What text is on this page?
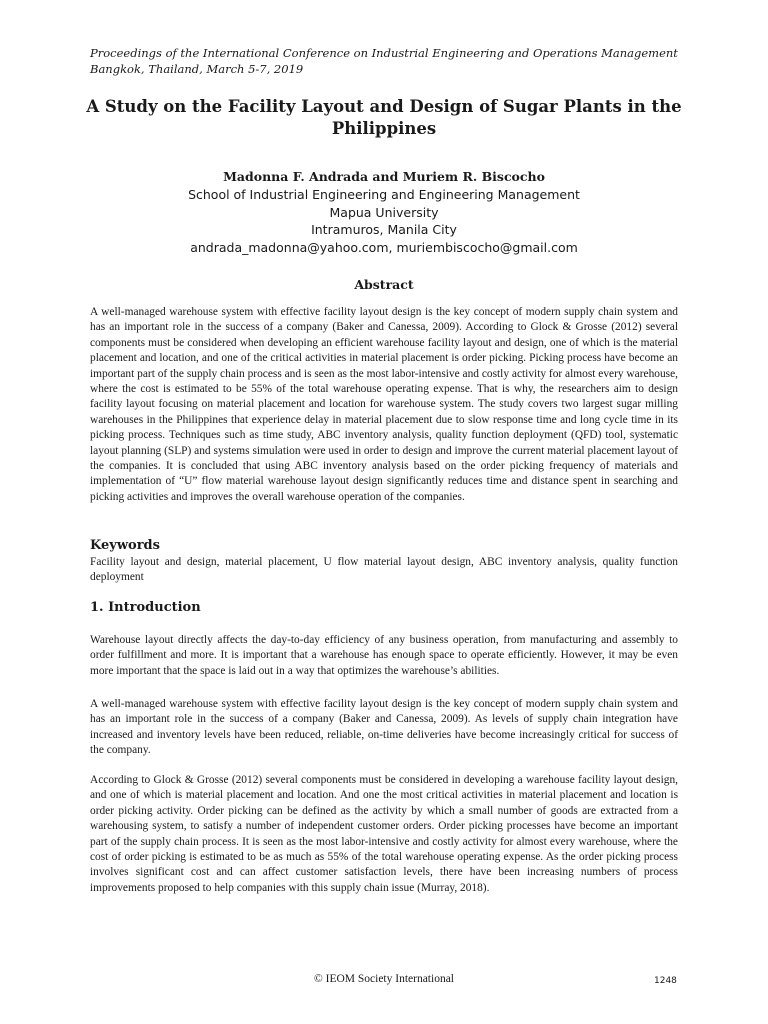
Proceedings of the International Conference on Industrial Engineering and Operations Management
Bangkok, Thailand, March 5-7, 2019
A Study on the Facility Layout and Design of Sugar Plants in the
Philippines
Madonna F. Andrada and Muriem R. Biscocho
School of Industrial Engineering and Engineering Management
Mapua University
Intramuros, Manila City
andrada_madonna@yahoo.com, muriembiscocho@gmail.com
Abstract

A well-managed warehouse system with effective facility layout design is the key concept of modern supply chain system and has an important role in the success of a company (Baker and Canessa, 2009). According to Glock & Grosse (2012) several components must be considered when developing an efficient warehouse facility layout and design, one of which is the material placement and location, and one of the critical activities in material placement is order picking. Picking process have become an important part of the supply chain process and is seen as the most labor-intensive and costly activity for almost every warehouse, where the cost is estimated to be 55% of the total warehouse operating expense. That is why, the researchers aim to design facility layout focusing on material placement and location for warehouse system. The study covers two largest sugar milling warehouses in the Philippines that experience delay in material placement due to slow response time and long cycle time in its picking process. Techniques such as time study, ABC inventory analysis, quality function deployment (QFD) tool, systematic layout planning (SLP) and systems simulation were used in order to design and improve the current material placement layout of the companies. It is concluded that using ABC inventory analysis based on the order picking frequency of materials and implementation of “U” flow material warehouse layout design significantly reduces time and distance spent in searching and picking activities and improves the overall warehouse operation of the companies.

Keywords

Facility layout and design, material placement, U flow material layout design, ABC inventory analysis, quality function deployment

1. Introduction

Warehouse layout directly affects the day-to-day efficiency of any business operation, from manufacturing and assembly to order fulfillment and more. It is important that a warehouse has enough space to operate efficiently. However, it may be even more important that the space is laid out in a way that optimizes the warehouse’s abilities.

A well-managed warehouse system with effective facility layout design is the key concept of modern supply chain system and has an important role in the success of a company (Baker and Canessa, 2009). As levels of supply chain integration have increased and inventory levels have been reduced, reliable, on-time deliveries have become increasingly critical for success of the company.

According to Glock & Grosse (2012) several components must be considered in developing a warehouse facility layout design, and one of which is material placement and location. And one the most critical activities in material placement and location is order picking activity. Order picking can be defined as the activity by which a small number of goods are extracted from a warehousing system, to satisfy a number of independent customer orders. Order picking processes have become an important part of the supply chain process. It is seen as the most labor-intensive and costly activity for almost every warehouse, where the cost of order picking is estimated to be as much as 55% of the total warehouse operating expense. As the order picking process involves significant cost and can affect customer satisfaction levels, there have been increasing numbers of process improvements proposed to help companies with this supply chain issue (Murray, 2018).

© IEOM Society International	1248
